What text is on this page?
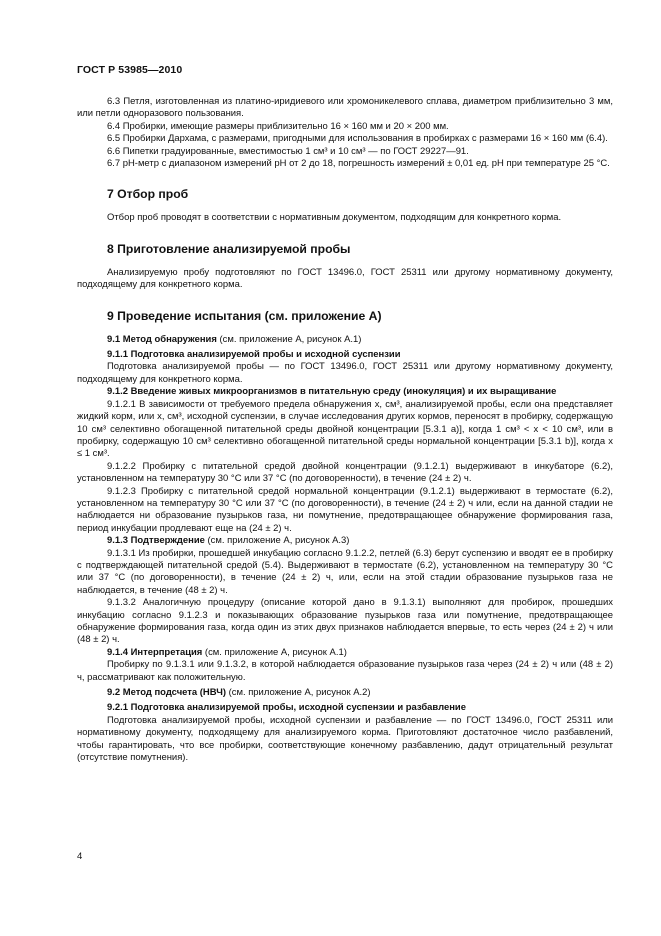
ГОСТ Р 53985—2010

6.3 Петля, изготовленная из платино-иридиевого или хромоникелевого сплава, диаметром приблизительно 3 мм, или петли одноразового пользования.

6.4 Пробирки, имеющие размеры приблизительно 16 × 160 мм и 20 × 200 мм.

6.5 Пробирки Дархама, с размерами, пригодными для использования в пробирках с размерами 16 × 160 мм (6.4).

6.6 Пипетки градуированные, вместимостью 1 см³ и 10 см³ — по ГОСТ 29227—91.

6.7 pH-метр с диапазоном измерений pH от 2 до 18, погрешность измерений ± 0,01 ед. pH при температуре 25 °С.

7 Отбор проб

Отбор проб проводят в соответствии с нормативным документом, подходящим для конкретного корма.

8 Приготовление анализируемой пробы

Анализируемую пробу подготовляют по ГОСТ 13496.0, ГОСТ 25311 или другому нормативному документу, подходящему для конкретного корма.

9 Проведение испытания (см. приложение А)

9.1 Метод обнаружения (см. приложение А, рисунок А.1)

9.1.1 Подготовка анализируемой пробы и исходной суспензии

Подготовка анализируемой пробы — по ГОСТ 13496.0, ГОСТ 25311 или другому нормативному документу, подходящему для конкретного корма.

9.1.2 Введение живых микроорганизмов в питательную среду (инокуляция) и их выращивание

9.1.2.1 В зависимости от требуемого предела обнаружения x, см³, анализируемой пробы, если она представляет жидкий корм, или x, см³, исходной суспензии, в случае исследования других кормов, переносят в пробирку, содержащую 10 см³ селективно обогащенной питательной среды двойной концентрации [5.3.1 а)], когда 1 см³ < x < 10 см³, или в пробирку, содержащую 10 см³ селективно обогащенной питательной среды нормальной концентрации [5.3.1 b)], когда x ≤ 1 см³.

9.1.2.2 Пробирку с питательной средой двойной концентрации (9.1.2.1) выдерживают в инкубаторе (6.2), установленном на температуру 30 °С или 37 °С (по договоренности), в течение (24 ± 2) ч.

9.1.2.3 Пробирку с питательной средой нормальной концентрации (9.1.2.1) выдерживают в термостате (6.2), установленном на температуру 30 °С или 37 °С (по договоренности), в течение (24 ± 2) ч или, если на данной стадии не наблюдается ни образование пузырьков газа, ни помутнение, предотвращающее обнаружение формирования газа, период инкубации продлевают еще на (24 ± 2) ч.

9.1.3 Подтверждение (см. приложение А, рисунок А.3)

9.1.3.1 Из пробирки, прошедшей инкубацию согласно 9.1.2.2, петлей (6.3) берут суспензию и вводят ее в пробирку с подтверждающей питательной средой (5.4). Выдерживают в термостате (6.2), установленном на температуру 30 °С или 37 °С (по договоренности), в течение (24 ± 2) ч, или, если на этой стадии образование пузырьков газа не наблюдается, в течение (48 ± 2) ч.

9.1.3.2 Аналогичную процедуру (описание которой дано в 9.1.3.1) выполняют для пробирок, прошедших инкубацию согласно 9.1.2.3 и показывающих образование пузырьков газа или помутнение, предотвращающее обнаружение формирования газа, когда один из этих двух признаков наблюдается впервые, то есть через (24 ± 2) ч или (48 ± 2) ч.

9.1.4 Интерпретация (см. приложение А, рисунок А.1)

Пробирку по 9.1.3.1 или 9.1.3.2, в которой наблюдается образование пузырьков газа через (24 ± 2) ч или (48 ± 2) ч, рассматривают как положительную.

9.2 Метод подсчета (НВЧ) (см. приложение А, рисунок А.2)

9.2.1 Подготовка анализируемой пробы, исходной суспензии и разбавление

Подготовка анализируемой пробы, исходной суспензии и разбавление — по ГОСТ 13496.0, ГОСТ 25311 или нормативному документу, подходящему для анализируемого корма. Приготовляют достаточное число разбавлений, чтобы гарантировать, что все пробирки, соответствующие конечному разбавлению, дадут отрицательный результат (отсутствие помутнения).

4
